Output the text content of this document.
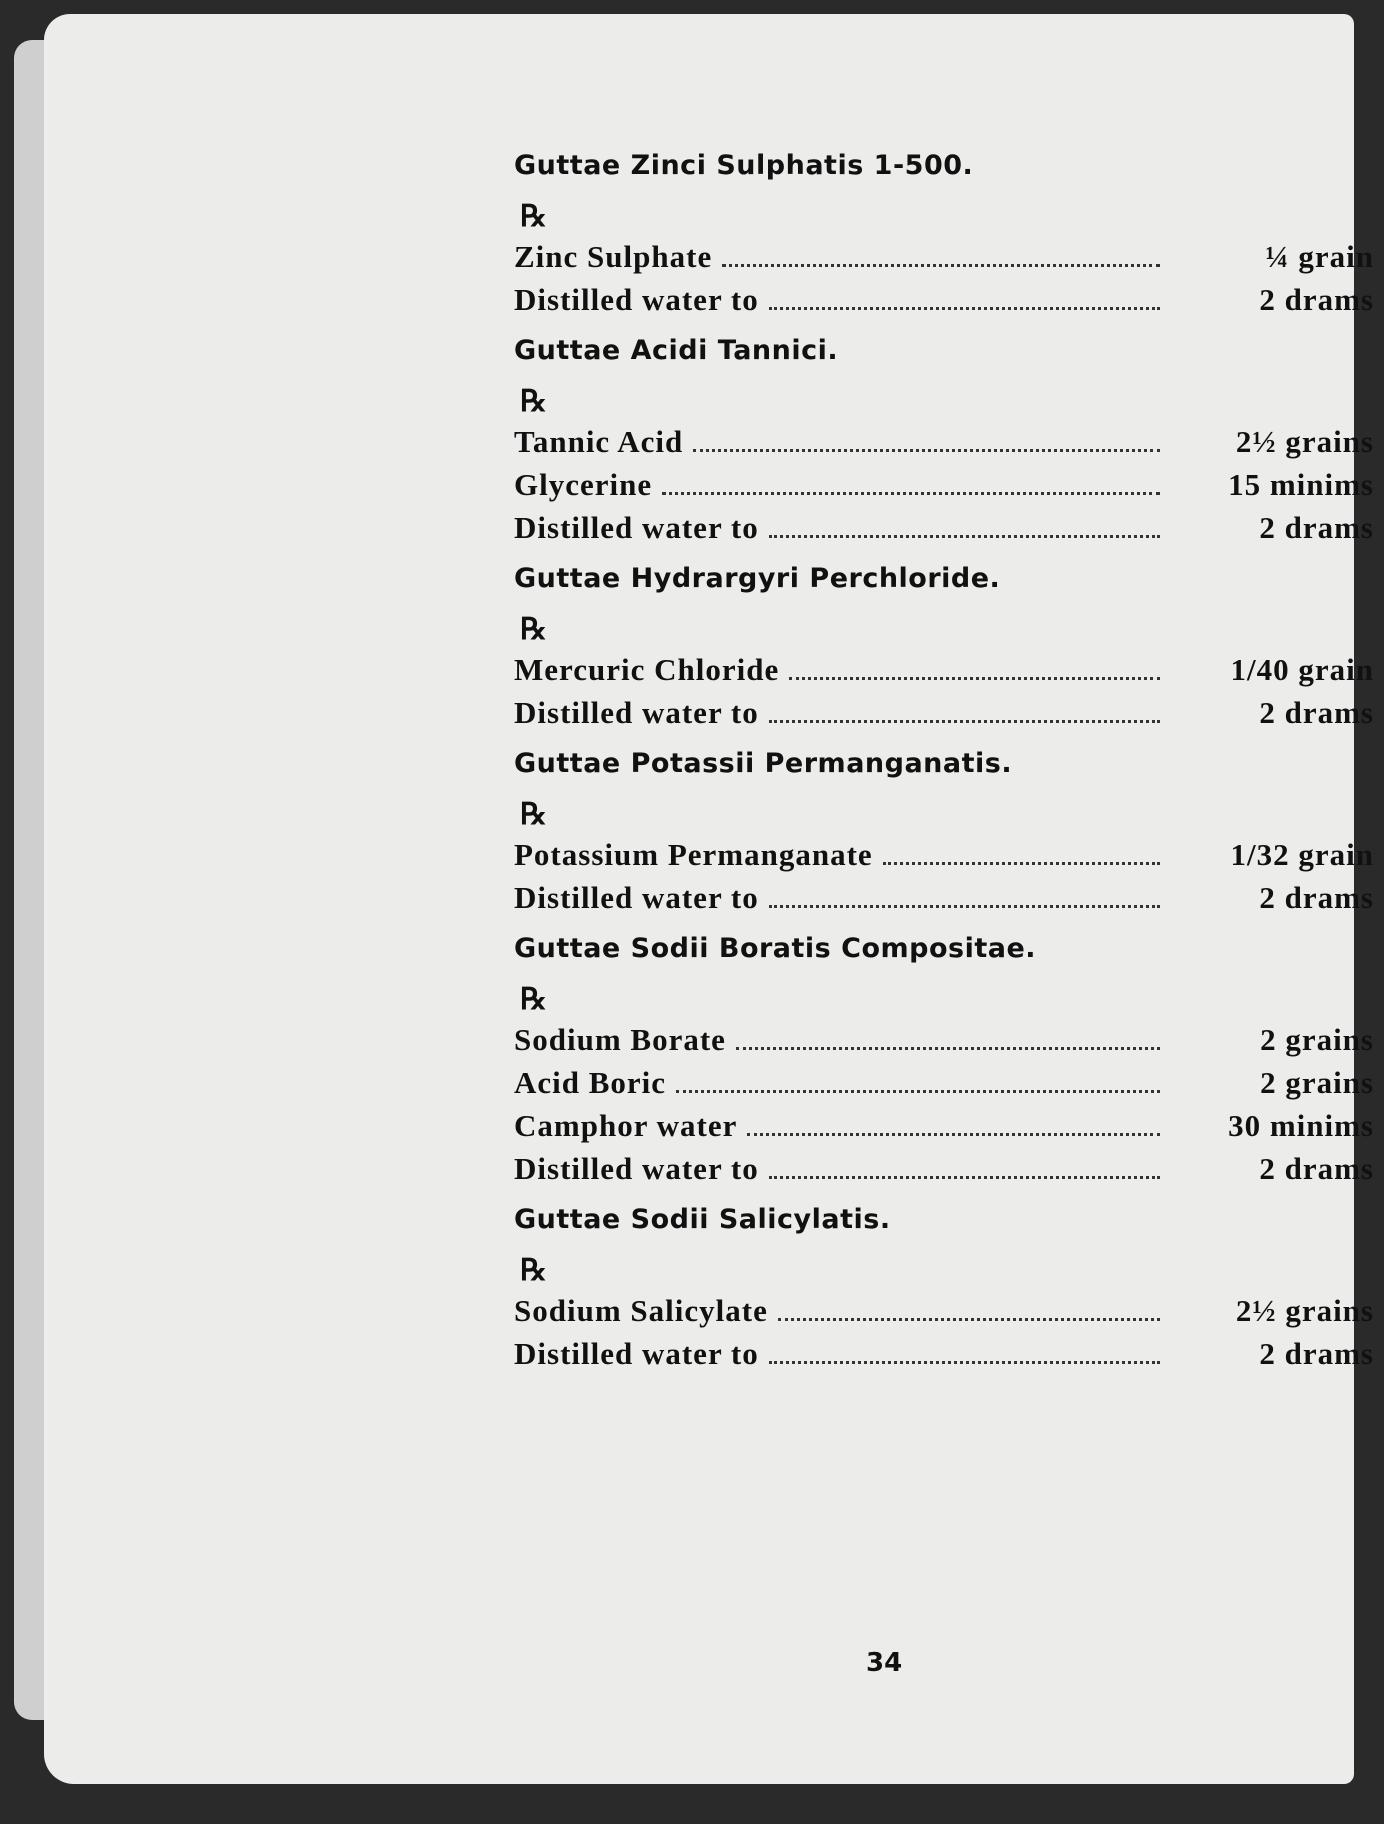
Guttae Zinci Sulphatis 1-500.
℞
Zinc Sulphate	¼ grain
Distilled water to	2 drams
Guttae Acidi Tannici.
℞
Tannic Acid	2½ grains
Glycerine	15 minims
Distilled water to	2 drams
Guttae Hydrargyri Perchloride.
℞
Mercuric Chloride	1/40 grain
Distilled water to	2 drams
Guttae Potassii Permanganatis.
℞
Potassium Permanganate	1/32 grain
Distilled water to	2 drams
Guttae Sodii Boratis Compositae.
℞
Sodium Borate	2 grains
Acid Boric	2 grains
Camphor water	30 minims
Distilled water to	2 drams
Guttae Sodii Salicylatis.
℞
Sodium Salicylate	2½ grains
Distilled water to	2 drams
34
